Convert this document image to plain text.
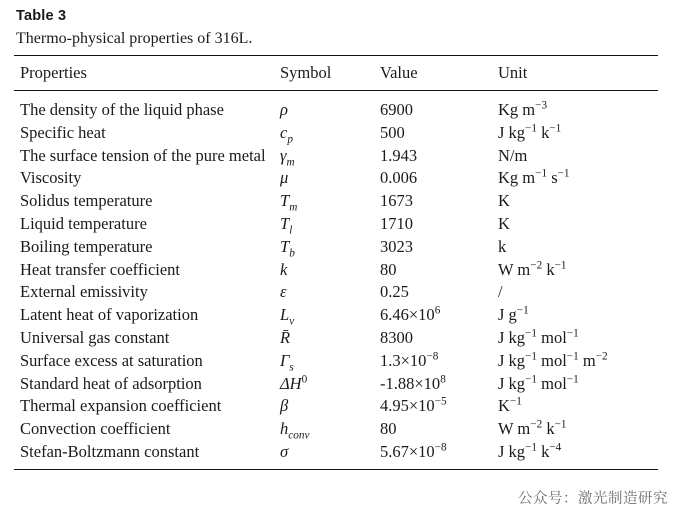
Table 3
Thermo-physical properties of 316L.
Properties	Symbol	Value	Unit

The density of the liquid phase	ρ	6900	Kg $m^{-3}$

Specific heat	$c_p$	500	J $kg^{-1}$ $k^{-1}$

The surface tension of the pure metal	$\gamma_m$	1.943	N/m

Viscosity	μ	0.006	Kg $m^{-1}$ $s^{-1}$

Solidus temperature	$T_m$	1673	K

Liquid temperature	$T_l$	1710	K

Boiling temperature	$T_b$	3023	k

Heat transfer coefficient	k	80	W $m^{-2}$ $k^{-1}$

External emissivity	ε	0.25	/

Latent heat of vaporization	$L_v$	$6.46\times 10^6$	J $g^{-1}$

Universal gas constant	R̄	8300	J $kg^{-1}$ mol$^{-1}$

Surface excess at saturation	$\Gamma_s$	$1.3\times 10^{-8}$	J $kg^{-1}$ mol$^{-1}$ $m^{-2}$

Standard heat of adsorption	$\Delta H^0$	$-1.88\times 10^8$	J $kg^{-1}$ mol$^{-1}$

Thermal expansion coefficient	β	$4.95\times 10^{-5}$	$K^{-1}$

Convection coefficient	$h_{conv}$	80	W $m^{-2}$ $k^{-1}$

Stefan-Boltzmann constant	σ	$5.67\times 10^{-8}$	J $kg^{-1}$ $k^{-4}$
公众号：激光制造研究
